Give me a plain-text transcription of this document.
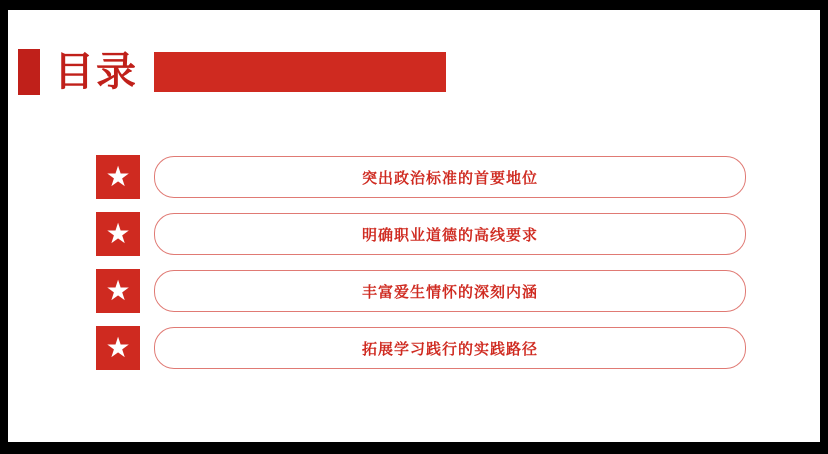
目录
★	突出政治标准的首要地位
★	明确职业道德的高线要求
★	丰富爱生情怀的深刻内涵
★	拓展学习践行的实践路径
